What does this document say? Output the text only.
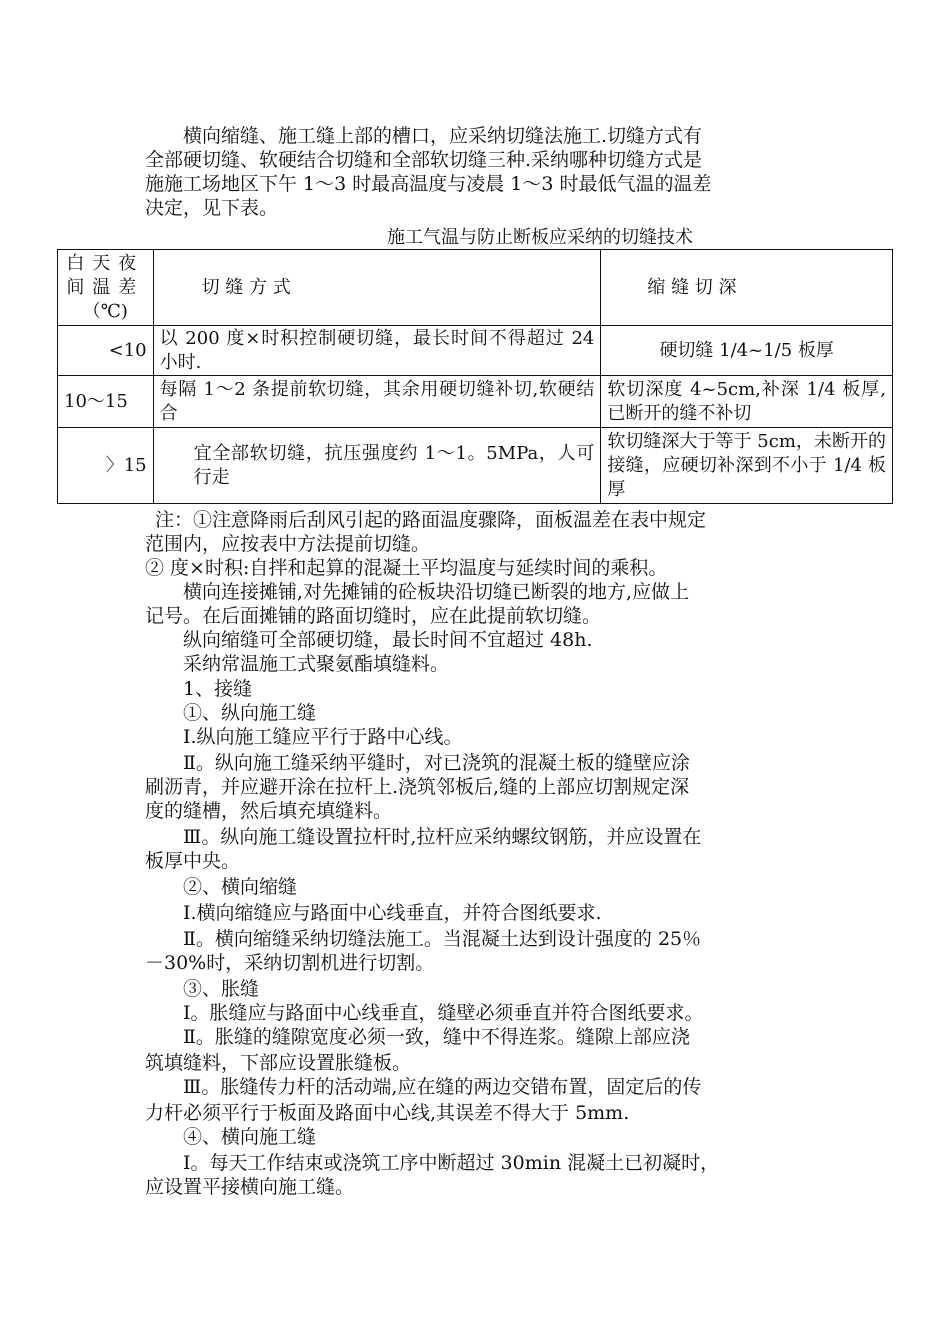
　　横向缩缝、施工缝上部的槽口，应采纳切缝法施工.切缝方式有
全部硬切缝、软硬结合切缝和全部软切缝三种.采纳哪种切缝方式是
施施工场地区下午 1～3 时最高温度与凌晨 1～3 时最低气温的温差
决定，见下表。
施工气温与防止断板应采纳的切缝技术
白天夜
间温差
（℃)	切 缝 方 式	缩 缝 切 深
<10	以 200 度×时积控制硬切缝，最长时间不得超过 24 小时.	硬切缝 1/4~1/5 板厚
10～15	每隔 1～2 条提前软切缝，其余用硬切缝补切,软硬结合	软切深度 4~5cm,补深 1/4 板厚,已断开的缝不补切
〉15	宜全部软切缝，抗压强度约 1～1。5MPa，人可行走	软切缝深大于等于 5cm，未断开的接缝，应硬切补深到不小于 1/4 板厚
注：①注意降雨后刮风引起的路面温度骤降，面板温差在表中规定
范围内，应按表中方法提前切缝。
② 度×时积:自拌和起算的混凝土平均温度与延续时间的乘积。
横向连接摊铺,对先摊铺的砼板块沿切缝已断裂的地方,应做上
记号。在后面摊铺的路面切缝时，应在此提前软切缝。
纵向缩缝可全部硬切缝，最长时间不宜超过 48h.
采纳常温施工式聚氨酯填缝料。
1、接缝
①、纵向施工缝
Ⅰ.纵向施工缝应平行于路中心线。
Ⅱ。纵向施工缝采纳平缝时，对已浇筑的混凝土板的缝壁应涂
刷沥青，并应避开涂在拉杆上.浇筑邻板后,缝的上部应切割规定深
度的缝槽，然后填充填缝料。
Ⅲ。纵向施工缝设置拉杆时,拉杆应采纳螺纹钢筋，并应设置在
板厚中央。
②、横向缩缝
Ⅰ.横向缩缝应与路面中心线垂直，并符合图纸要求.
Ⅱ。横向缩缝采纳切缝法施工。当混凝土达到设计强度的 25％
－30%时，采纳切割机进行切割。
③、胀缝
Ⅰ。胀缝应与路面中心线垂直，缝壁必须垂直并符合图纸要求。
Ⅱ。胀缝的缝隙宽度必须一致，缝中不得连浆。缝隙上部应浇
筑填缝料，下部应设置胀缝板。
Ⅲ。胀缝传力杆的活动端,应在缝的两边交错布置，固定后的传
力杆必须平行于板面及路面中心线,其误差不得大于 5mm.
④、横向施工缝
Ⅰ。每天工作结束或浇筑工序中断超过 30min 混凝土已初凝时，
应设置平接横向施工缝。
